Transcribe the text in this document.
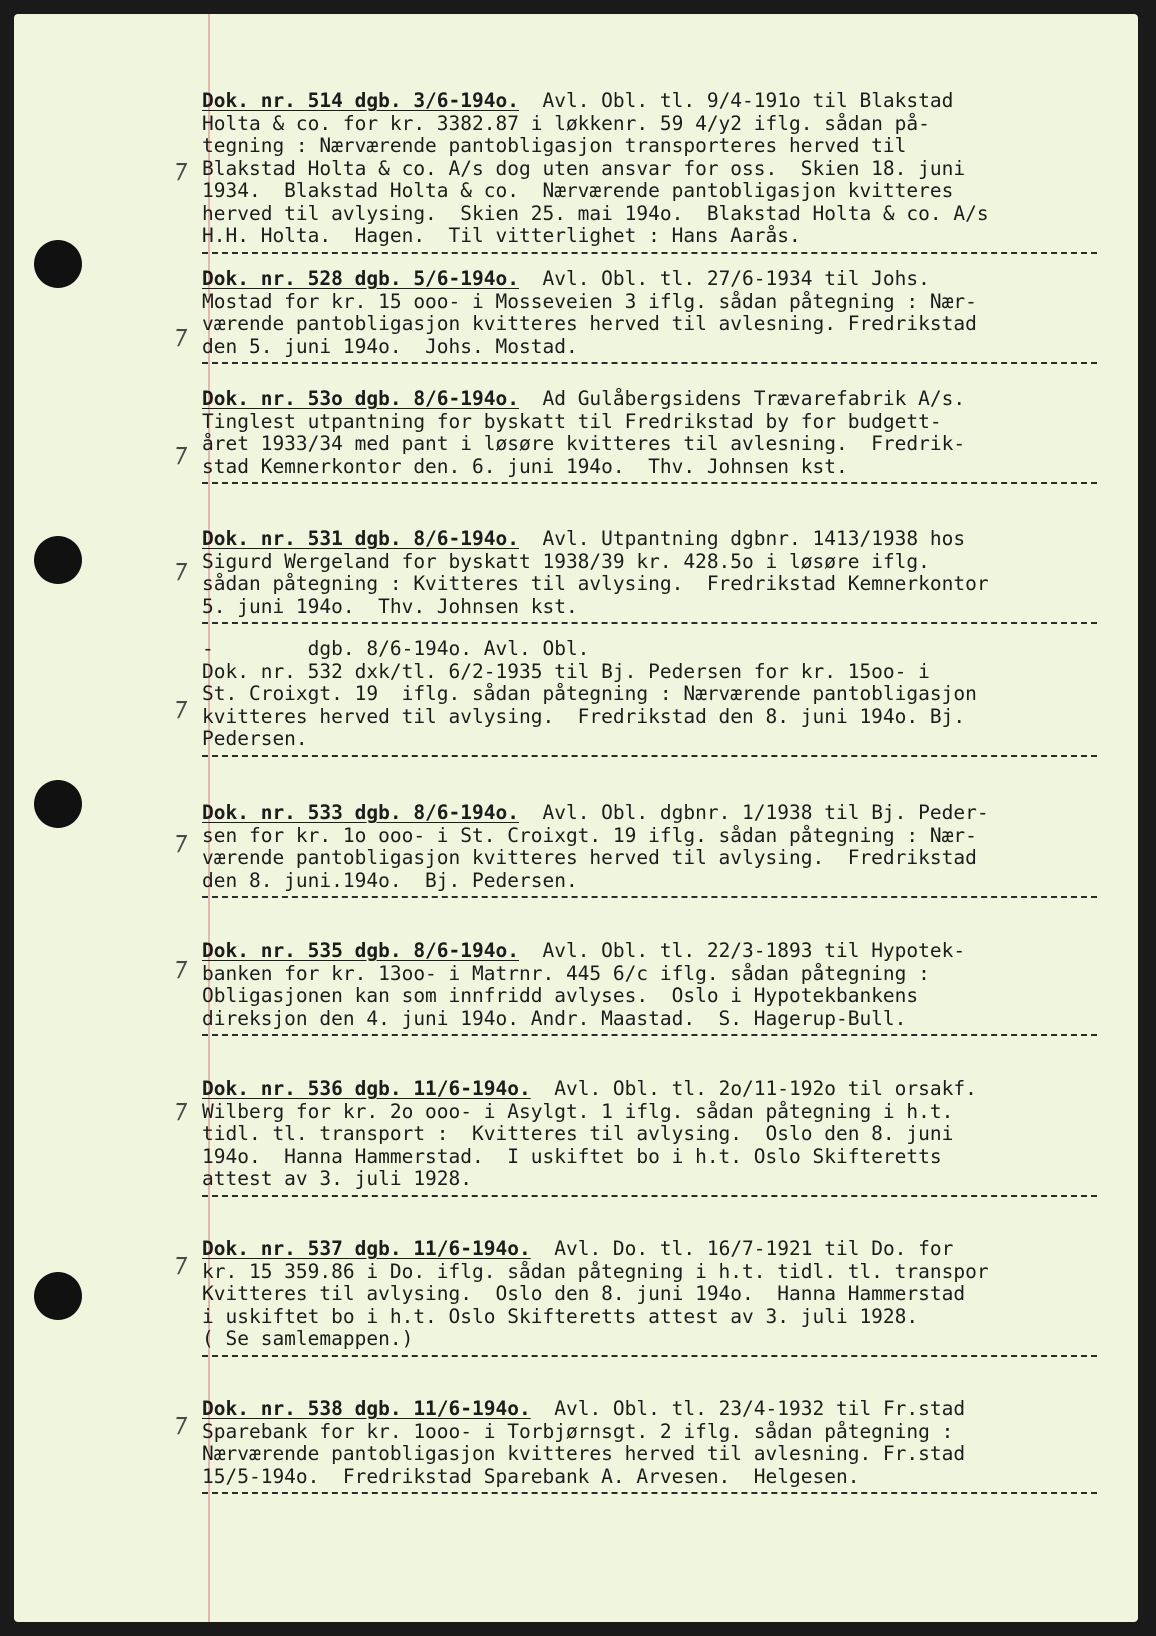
⁊
⁊
⁊
⁊
⁊
⁊
⁊
⁊
⁊
⁊
Dok. nr. 514 dgb. 3/6-194o. Avl. Obl. tl. 9/4-191o til Blakstad
Holta & co. for kr. 3382.87 i løkkenr. 59 4/y2 iflg. sådan på-
tegning : Nærværende pantobligasjon transporteres herved til
Blakstad Holta & co. A/s dog uten ansvar for oss.  Skien 18. juni
1934.  Blakstad Holta & co.  Nærværende pantobligasjon kvitteres
herved til avlysing.  Skien 25. mai 194o.  Blakstad Holta & co. A/s
H.H. Holta.  Hagen.  Til vitterlighet : Hans Aarås.
Dok. nr. 528 dgb. 5/6-194o. Avl. Obl. tl. 27/6-1934 til Johs.
Mostad for kr. 15 ooo- i Mosseveien 3 iflg. sådan påtegning : Nær-
værende pantobligasjon kvitteres herved til avlesning. Fredrikstad
den 5. juni 194o.  Johs. Mostad.
Dok. nr. 53o dgb. 8/6-194o. Ad Gulåbergsidens Trævarefabrik A/s.
Tinglest utpantning for byskatt til Fredrikstad by for budgett-
året 1933/34 med pant i løsøre kvitteres til avlesning.  Fredrik-
stad Kemnerkontor den. 6. juni 194o.  Thv. Johnsen kst.
Dok. nr. 531 dgb. 8/6-194o. Avl. Utpantning dgbnr. 1413/1938 hos
Sigurd Wergeland for byskatt 1938/39 kr. 428.5o i løsøre iflg.
sådan påtegning : Kvitteres til avlysing.  Fredrikstad Kemnerkontor
5. juni 194o.  Thv. Johnsen kst.
-        dgb. 8/6-194o. Avl. Obl.
Dok. nr. 532 dxk/tl. 6/2-1935 til Bj. Pedersen for kr. 15oo- i
St. Croixgt. 19  iflg. sådan påtegning : Nærværende pantobligasjon
kvitteres herved til avlysing.  Fredrikstad den 8. juni 194o. Bj.
Pedersen.
Dok. nr. 533 dgb. 8/6-194o. Avl. Obl. dgbnr. 1/1938 til Bj. Peder-
sen for kr. 1o ooo- i St. Croixgt. 19 iflg. sådan påtegning : Nær-
værende pantobligasjon kvitteres herved til avlysing.  Fredrikstad
den 8. juni.194o.  Bj. Pedersen.
Dok. nr. 535 dgb. 8/6-194o. Avl. Obl. tl. 22/3-1893 til Hypotek-
banken for kr. 13oo- i Matrnr. 445 6/c iflg. sådan påtegning :
Obligasjonen kan som innfridd avlyses.  Oslo i Hypotekbankens
direksjon den 4. juni 194o. Andr. Maastad.  S. Hagerup-Bull.
Dok. nr. 536 dgb. 11/6-194o. Avl. Obl. tl. 2o/11-192o til orsakf.
Wilberg for kr. 2o ooo- i Asylgt. 1 iflg. sådan påtegning i h.t.
tidl. tl. transport :  Kvitteres til avlysing.  Oslo den 8. juni
194o.  Hanna Hammerstad.  I uskiftet bo i h.t. Oslo Skifteretts
attest av 3. juli 1928.
Dok. nr. 537 dgb. 11/6-194o. Avl. Do. tl. 16/7-1921 til Do. for
kr. 15 359.86 i Do. iflg. sådan påtegning i h.t. tidl. tl. transpor
Kvitteres til avlysing.  Oslo den 8. juni 194o.  Hanna Hammerstad
i uskiftet bo i h.t. Oslo Skifteretts attest av 3. juli 1928.
( Se samlemappen.)
Dok. nr. 538 dgb. 11/6-194o. Avl. Obl. tl. 23/4-1932 til Fr.stad
Sparebank for kr. 1ooo- i Torbjørnsgt. 2 iflg. sådan påtegning :
Nærværende pantobligasjon kvitteres herved til avlesning. Fr.stad
15/5-194o.  Fredrikstad Sparebank A. Arvesen.  Helgesen.
